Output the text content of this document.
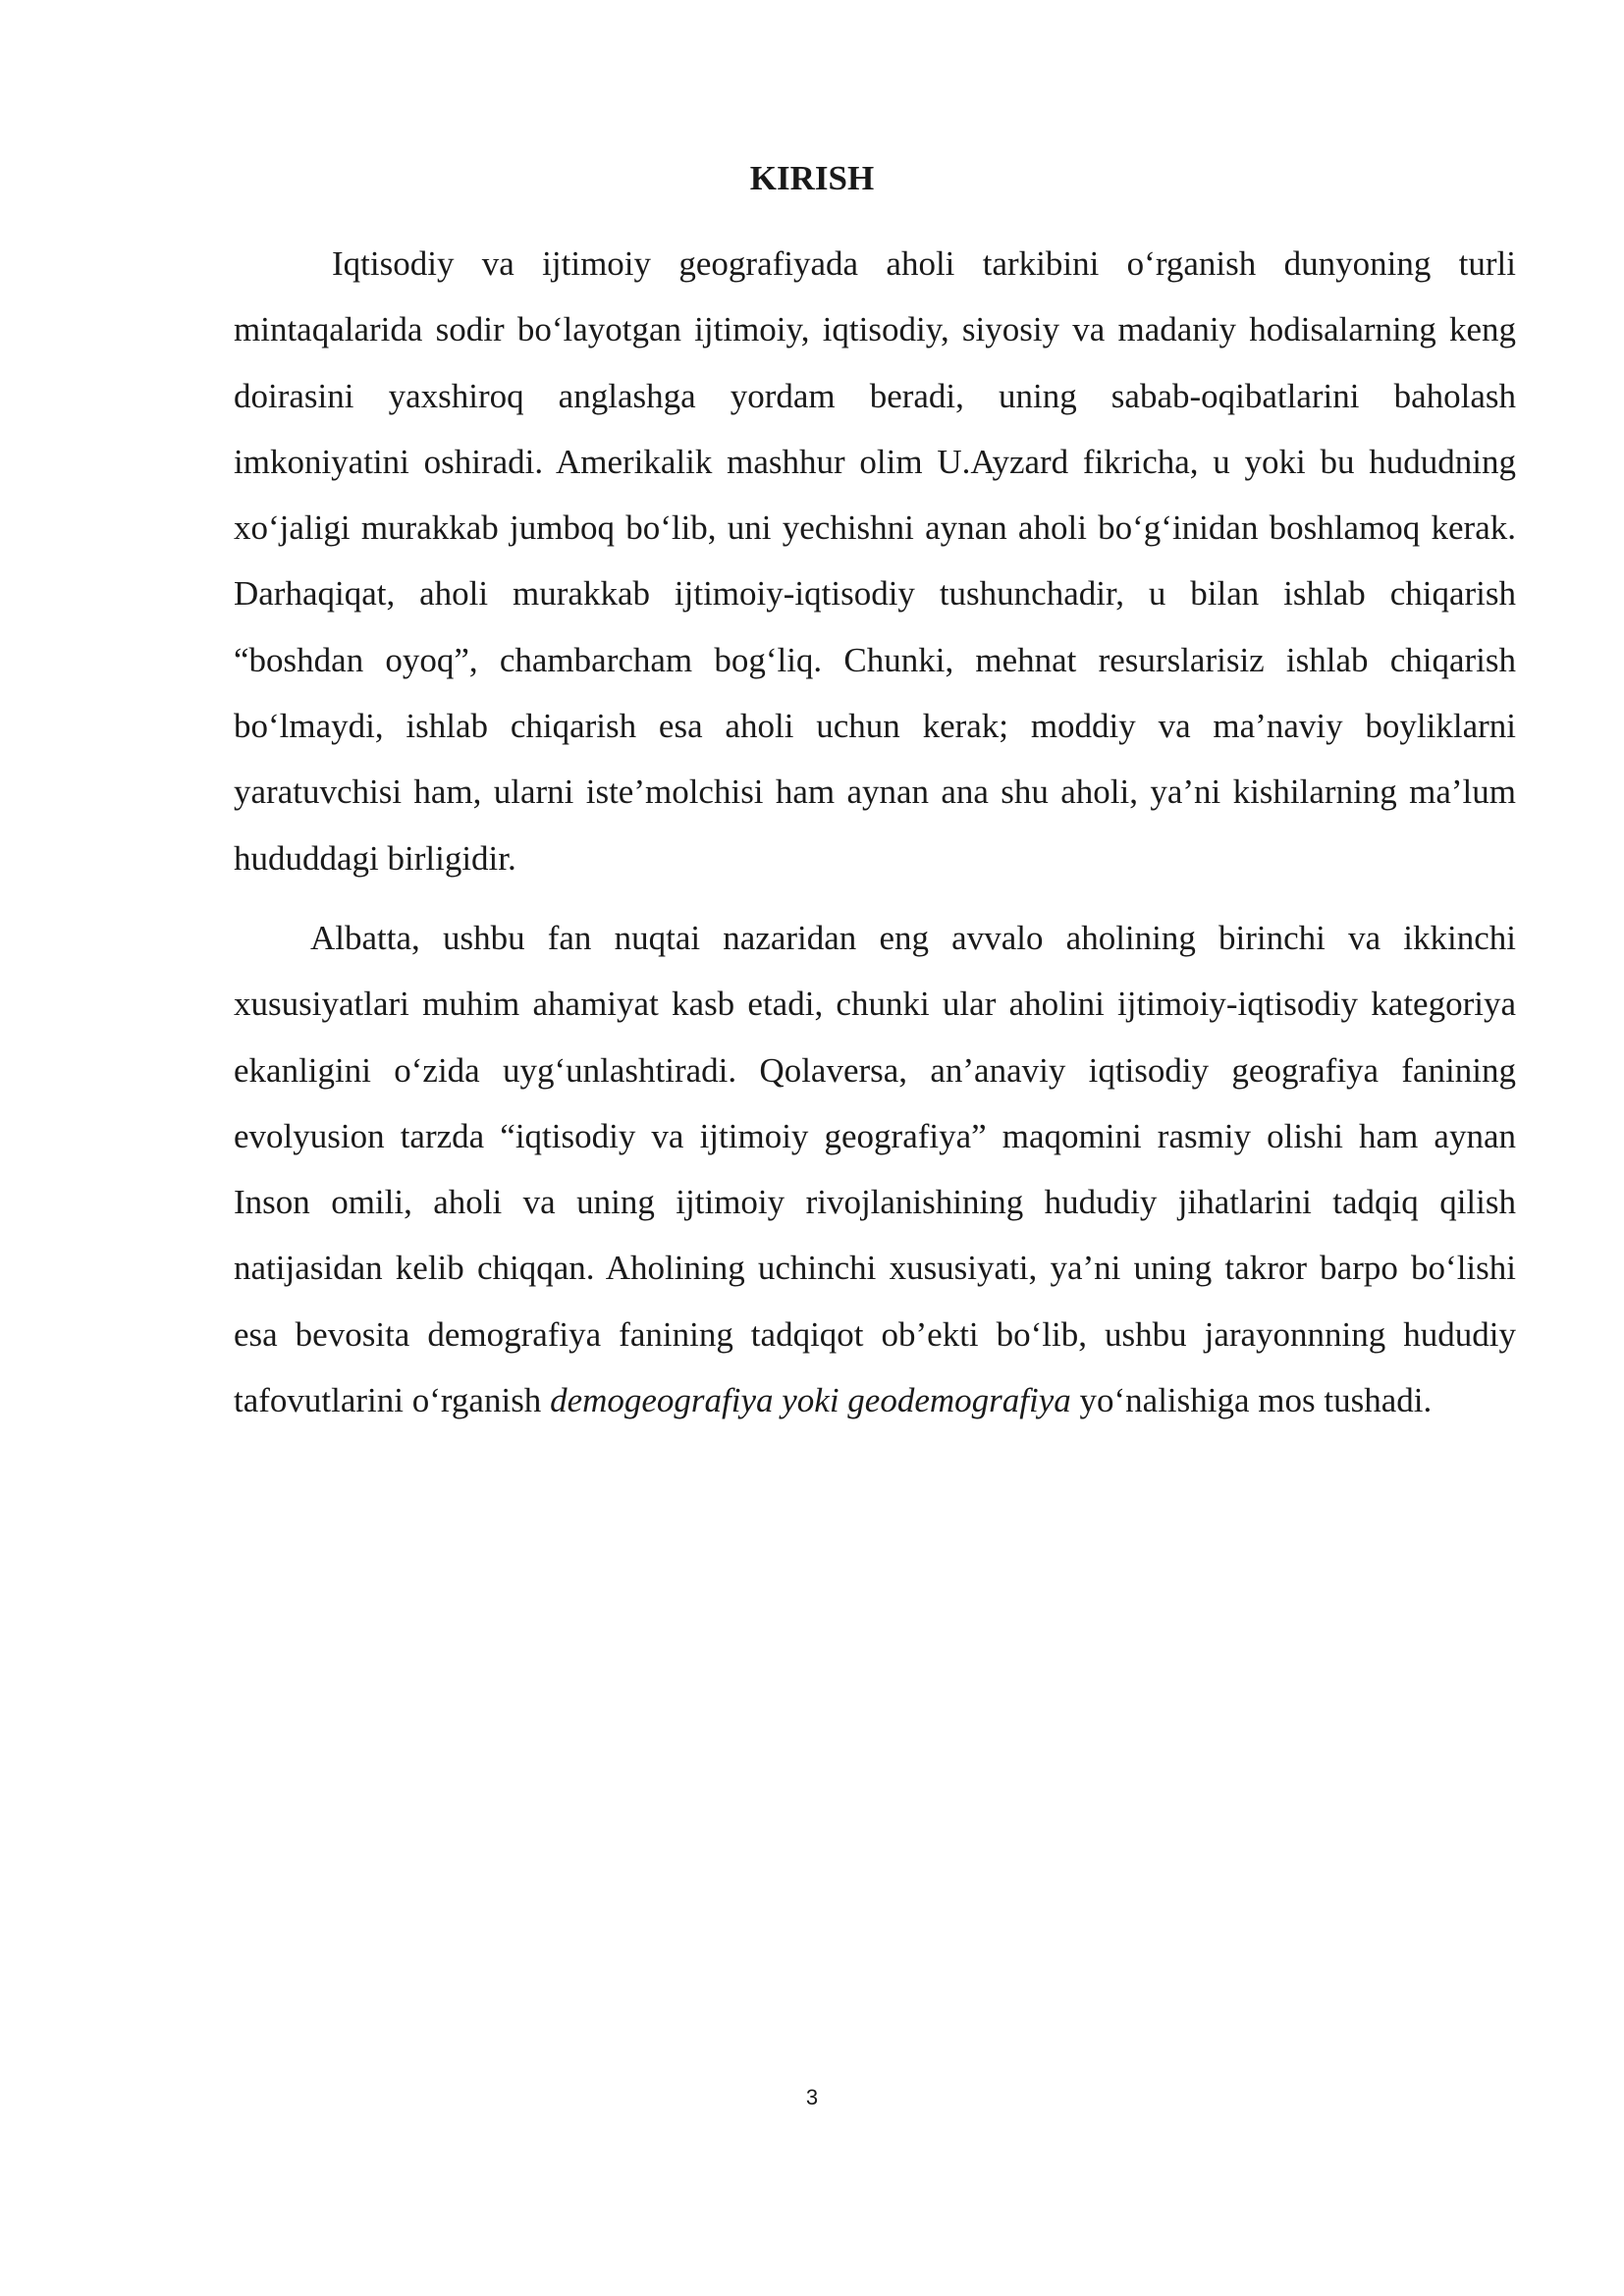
KIRISH

Iqtisodiy va ijtimoiy geografiyada aholi tarkibini o‘rganish dunyoning turli mintaqalarida sodir bo‘layotgan ijtimoiy, iqtisodiy, siyosiy va madaniy hodisalarning keng doirasini yaxshiroq anglashga yordam beradi, uning sabab-oqibatlarini baholash imkoniyatini oshiradi. Amerikalik mashhur olim U.Ayzard fikricha, u yoki bu hududning xo‘jaligi murakkab jumboq bo‘lib, uni yechishni aynan aholi bo‘g‘inidan boshlamoq kerak. Darhaqiqat, aholi murakkab ijtimoiy-iqtisodiy tushunchadir, u bilan ishlab chiqarish “boshdan oyoq”, chambarcham bog‘liq. Chunki, mehnat resurslarisiz ishlab chiqarish bo‘lmaydi, ishlab chiqarish esa aholi uchun kerak; moddiy va ma’naviy boyliklarni yaratuvchisi ham, ularni iste’molchisi ham aynan ana shu aholi, ya’ni kishilarning ma’lum hududdagi birligidir.

Albatta, ushbu fan nuqtai nazaridan eng avvalo aholining birinchi va ikkinchi xususiyatlari muhim ahamiyat kasb etadi, chunki ular aholini ijtimoiy-iqtisodiy kategoriya ekanligini o‘zida uyg‘unlashtiradi. Qolaversa, an’anaviy iqtisodiy geografiya fanining evolyusion tarzda “iqtisodiy va ijtimoiy geografiya” maqomini rasmiy olishi ham aynan Inson omili, aholi va uning ijtimoiy rivojlanishining hududiy jihatlarini tadqiq qilish natijasidan kelib chiqqan. Aholining uchinchi xususiyati, ya’ni uning takror barpo bo‘lishi esa bevosita demografiya fanining tadqiqot ob’ekti bo‘lib, ushbu jarayonnning hududiy tafovutlarini o‘rganish demogeografiya yoki geodemografiya yo‘nalishiga mos tushadi.

3
